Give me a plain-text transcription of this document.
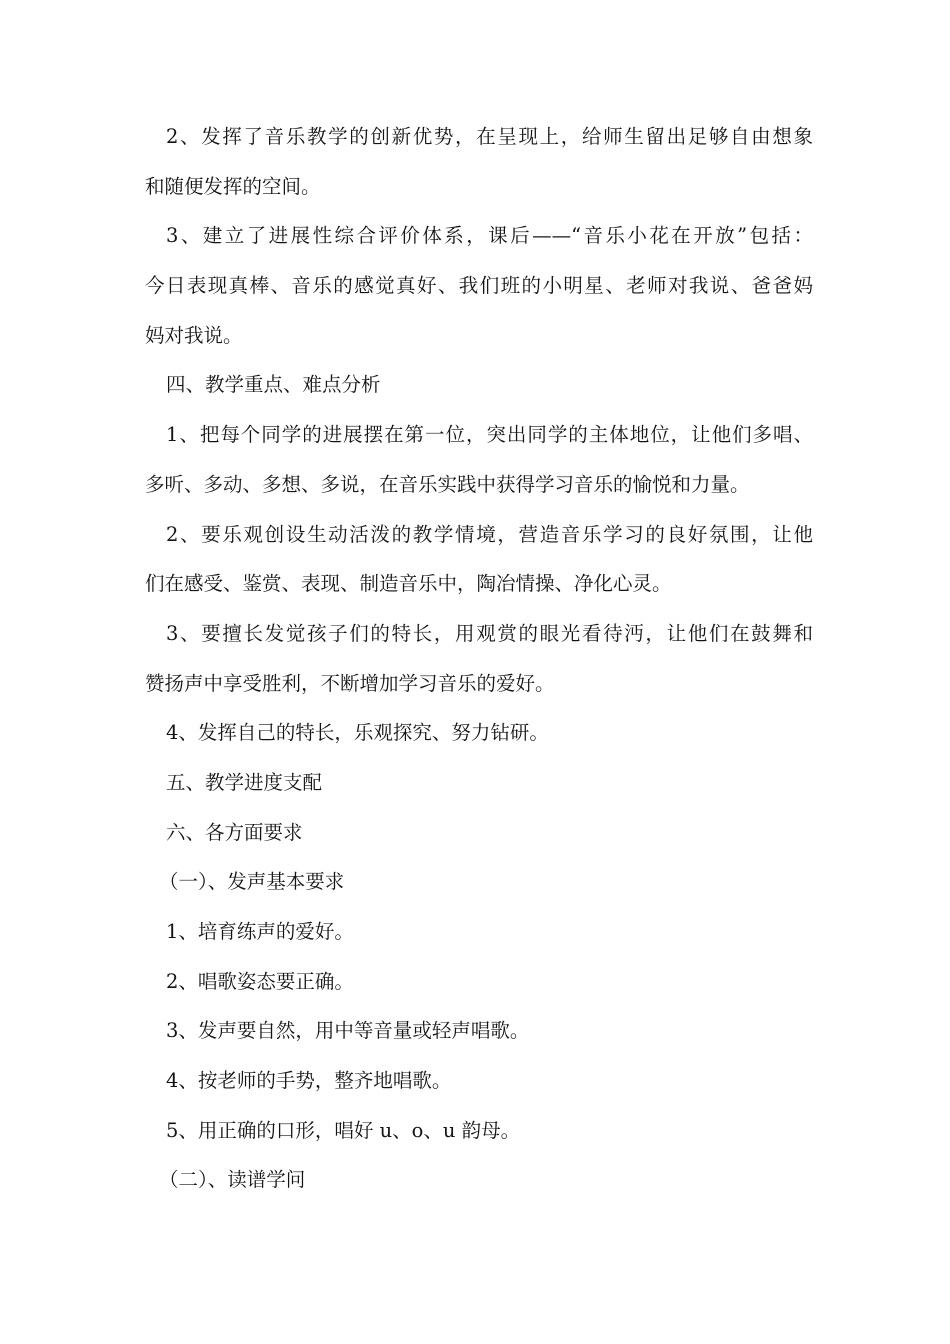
2、发挥了音乐教学的创新优势，在呈现上，给师生留出足够自由想象
和随便发挥的空间。
3、建立了进展性综合评价体系，课后——“音乐小花在开放”包括：
今日表现真棒、音乐的感觉真好、我们班的小明星、老师对我说、爸爸妈
妈对我说。
四、教学重点、难点分析
1、把每个同学的进展摆在第一位，突出同学的主体地位，让他们多唱、
多听、多动、多想、多说，在音乐实践中获得学习音乐的愉悦和力量。
2、要乐观创设生动活泼的教学情境，营造音乐学习的良好氛围，让他
们在感受、鉴赏、表现、制造音乐中，陶冶情操、净化心灵。
3、要擅长发觉孩子们的特长，用观赏的眼光看待沔，让他们在鼓舞和
赞扬声中享受胜利，不断增加学习音乐的爱好。
4、发挥自己的特长，乐观探究、努力钻研。
五、教学进度支配
六、各方面要求
（一）、发声基本要求
1、培育练声的爱好。
2、唱歌姿态要正确。
3、发声要自然，用中等音量或轻声唱歌。
4、按老师的手势，整齐地唱歌。
5、用正确的口形，唱好 u、o、u 韵母。
（二）、读谱学问
